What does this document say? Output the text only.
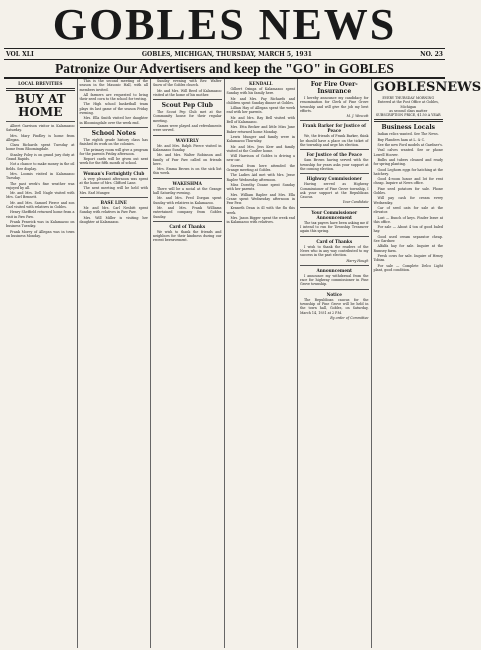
GOBLES NEWS
VOL XLI	GOBLES, MICHIGAN, THURSDAY, MARCH 5, 1931	NO. 23
Patronize Our Advertisers and keep the "GO" in GOBLES
LOCAL BREVITIES
BUY AT HOME

Albert Garrison visitor in Kalamazoo Saturday.

Mrs. Mary Findley is home from Allegan.

Clara Richards spent Tuesday at home from Bloomingdale.

Stanley Foley is on grand jury duty at Grand Rapids.

Not a chance to make money in the oil fields. See display.

Mrs. Loomis visited in Kalamazoo Tuesday.

The past week's fine weather was enjoyed by all.

Mr. and Mrs. Dell Nagle visited with Mrs. Carl Bennett.

Mr. and Mrs. Samuel Pierce and son Carl visited with relatives in Gobles.

Henry Sheffield returned home from a visit in Paw Paw.

Frank Fenwick was in Kalamazoo on business Tuesday.

Frank Morey of Allegan was in town on business Monday.

This is the second meeting of the season in the Masonic Hall, with all members invited.

All farmers are requested to bring their seed corn to the school for testing.

The High school basketball team plays its last game of the season Friday evening.

Mrs. Ella Smith visited her daughter in Bloomingdale over the week end.

School Notes

The eighth grade history class has finished its work on the colonies.

The primary room will give a program for the parents Friday afternoon.

Report cards will be given out next week for the fifth month of school.

Woman's Fortnightly Club

A very pleasant afternoon was spent at the home of Mrs. Clifford Lane.

The next meeting will be held with Mrs. Earl Munger.

BASE LINE

Mr. and Mrs. Carl Nesbitt spent Sunday with relatives in Paw Paw.

Mrs. Will Miller is visiting her daughter at Kalamazoo.

Sunday evening with Rev. Walter Snow of the Gobles church.

Mr. and Mrs. Will Reed of Kalamazoo visited at the home of his mother.

Scout Pep Club

The Scout Pep Club met at the Community house for their regular meeting.

Games were played and refreshments were served.

WAVERLY

Mr. and Mrs. Ralph Pierce visited in Kalamazoo Sunday.

Mr. and Mrs. Walter Robinson and family of Paw Paw called on friends here.

Mrs. Emma Brown is on the sick list this week.

WAKESHMA

There will be a social at the Grange hall Saturday evening.

Mr. and Mrs. Fred Dorgan spent Sunday with relatives in Kalamazoo.

Mr. and Mrs. Frank Williams entertained company from Gobles Sunday.

Card of Thanks

We wish to thank the friends and neighbors for their kindness during our recent bereavement.

KENDALL

Gilbert Ozinga of Kalamazoo spent Sunday with his family here.

Mr. and Mrs. Fay Richards and children spent Sunday dinner at Gobles.

Lillian Hay of Allegan spent the week end with her parents.

Mr. and Mrs. Ray Bell visited with Bell of Kalamazoo.

Mrs. Etta Becker and little Miss June Baker returned home Monday.

Lewis Munger and family were in Kalamazoo Thursday.

Mr. and Mrs. Jess Kerr and family visited at the Coulter home.

Will Harrison of Gobles is driving a new car.

Several from here attended the Grange meeting at Gobles.

The Ladies Aid met with Mrs. Jesse Raplee Wednesday afternoon.

Miss Dorothy Doane spent Sunday with her parents.

Mrs. William Raplee and Mrs. Ella Crane spent Wednesday afternoon in Paw Paw.

Kenneth Dean is ill with the flu this week.

Mrs. Jason Bigger spent the week end in Kalamazoo with relatives.

For Fire Over-Insurance

I hereby announce my candidacy for renomination for Clerk of Pine Grove township and will give the job my best efforts.

M. J. Wescott

Frank Barker for Justice of Peace

We, the friends of Frank Barker, think he should have a place on the ticket of the township and urge his election.

For Justice of the Peace

Sam Brown having served with the township for years asks your support at the coming election.

Highway Commissioner

Having served as Highway Commissioner of Pine Grove township, I ask your support at the Republican Caucus.

Your Candidate

Your Commissioner Announcement

The tax payers have been asking me if I intend to run for Township Treasurer again this spring.

Card of Thanks

I wish to thank the readers of the News who in any way contributed to my success in the past election.

Harry Hough

Announcement

I announce my withdrawal from the race for highway commissioner in Pine Grove township.

Notice

The Republican caucus for the township of Pine Grove will be held in the town hall, Gobles, on Saturday, March 14, 1931 at 2 P.M.

By order of Committee

GOBLESNEWS
EVERY THURSDAY MORNING
Entered at the Post Office at Gobles, Michigan
as second class matter
SUBSCRIPTION PRICE, $1.50 A YEAR
Business Locals

Indian relics wanted. See The News.

Buy Flanders ham at L. & C.

See the new Ford models at Gardner's.

Veal calves wanted. See or phone Lowell Hoover.

Bulbs and tubers cleaned and ready for spring planting.

Good Leghorn eggs for hatching at the hatchery.

Good 4-room house and lot for rent cheap. Inquire at News office.

Fine seed potatoes for sale. Phone Gobles.

Will pay cash for cream every Wednesday.

Car of seed oats for sale at the elevator.

Lost — Bunch of keys. Finder leave at this office.

For sale — About 4 ton of good baled hay.

Good used cream separator cheap. See Gardner.

Alfalfa hay for sale. Inquire at the Rumsey farm.

Fresh cows for sale. Inquire of Henry Tobias.

For sale — Complete Delco Light plant, good condition.
